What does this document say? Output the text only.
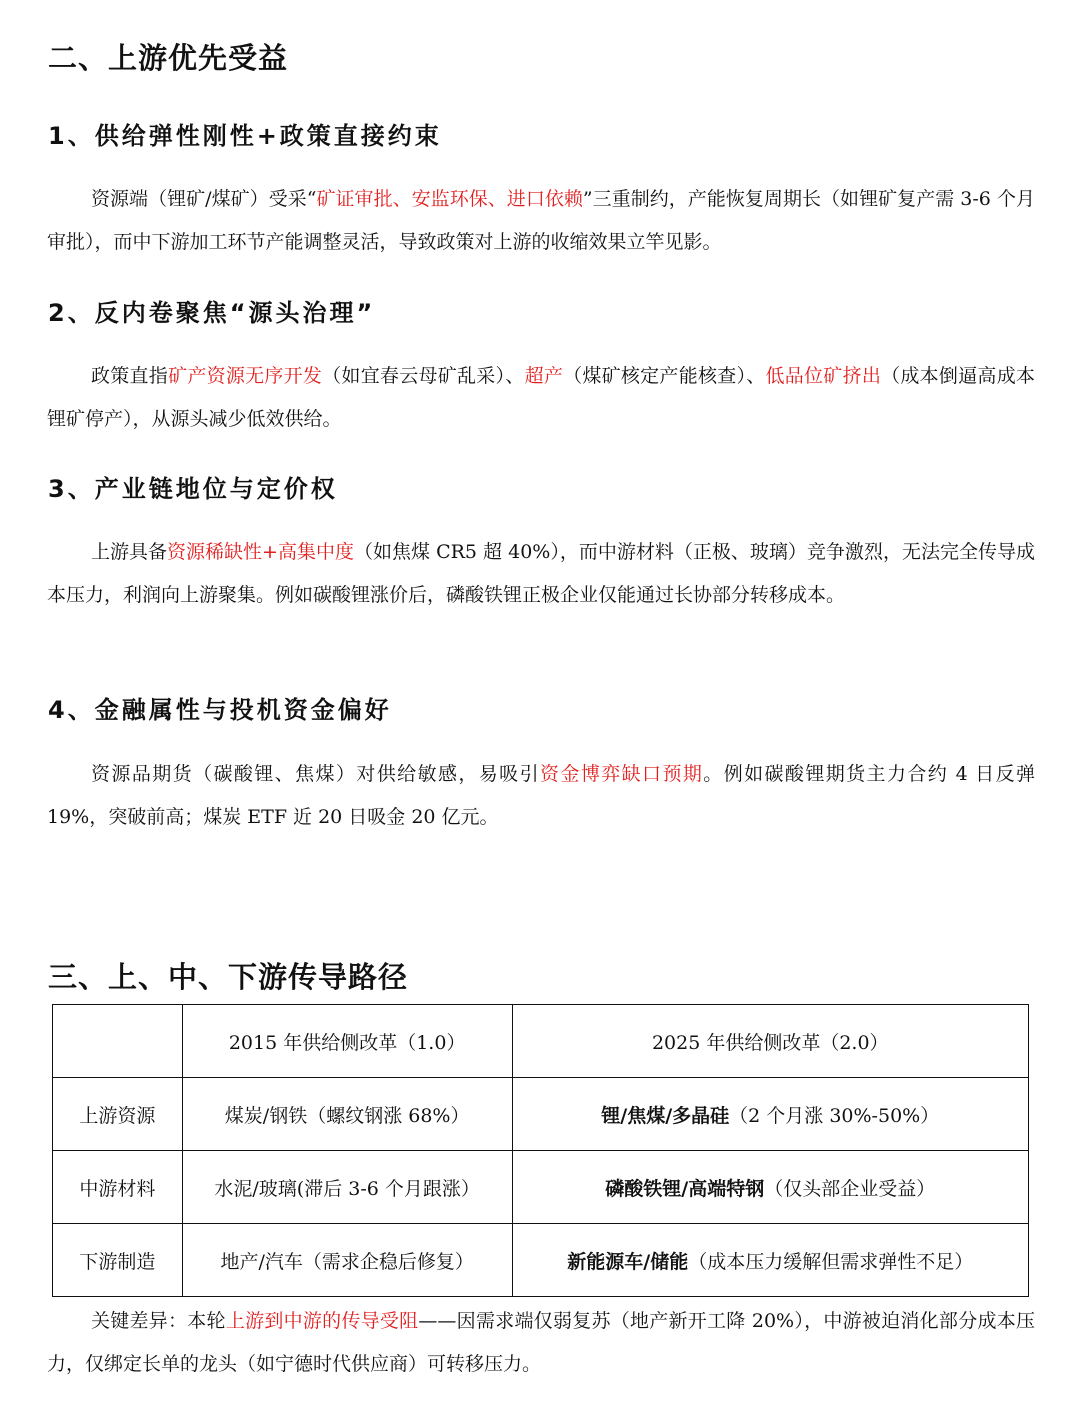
二、上游优先受益
1、供给弹性刚性+政策直接约束

资源端（锂矿/煤矿）受采“矿证审批、安监环保、进口依赖”三重制约，产能恢复周期长（如锂矿复产需 3-6 个月审批），而中下游加工环节产能调整灵活，导致政策对上游的收缩效果立竿见影。

2、反内卷聚焦“源头治理”

政策直指矿产资源无序开发（如宜春云母矿乱采）、超产（煤矿核定产能核查）、低品位矿挤出（成本倒逼高成本锂矿停产），从源头减少低效供给。

3、产业链地位与定价权

上游具备资源稀缺性+高集中度（如焦煤 CR5 超 40%），而中游材料（正极、玻璃）竞争激烈，无法完全传导成本压力，利润向上游聚集。例如碳酸锂涨价后，磷酸铁锂正极企业仅能通过长协部分转移成本。

4、金融属性与投机资金偏好

资源品期货（碳酸锂、焦煤）对供给敏感，易吸引资金博弈缺口预期。例如碳酸锂期货主力合约 4 日反弹 19%，突破前高；煤炭 ETF 近 20 日吸金 20 亿元。

三、上、中、下游传导路径
	2015 年供给侧改革（1.0）	2025 年供给侧改革（2.0）
上游资源	煤炭/钢铁（螺纹钢涨 68%）	锂/焦煤/多晶硅（2 个月涨 30%-50%）
中游材料	水泥/玻璃(滞后 3-6 个月跟涨）	磷酸铁锂/高端特钢（仅头部企业受益）
下游制造	地产/汽车（需求企稳后修复）	新能源车/储能（成本压力缓解但需求弹性不足）

关键差异：本轮上游到中游的传导受阻——因需求端仅弱复苏（地产新开工降 20%），中游被迫消化部分成本压力，仅绑定长单的龙头（如宁德时代供应商）可转移压力。
